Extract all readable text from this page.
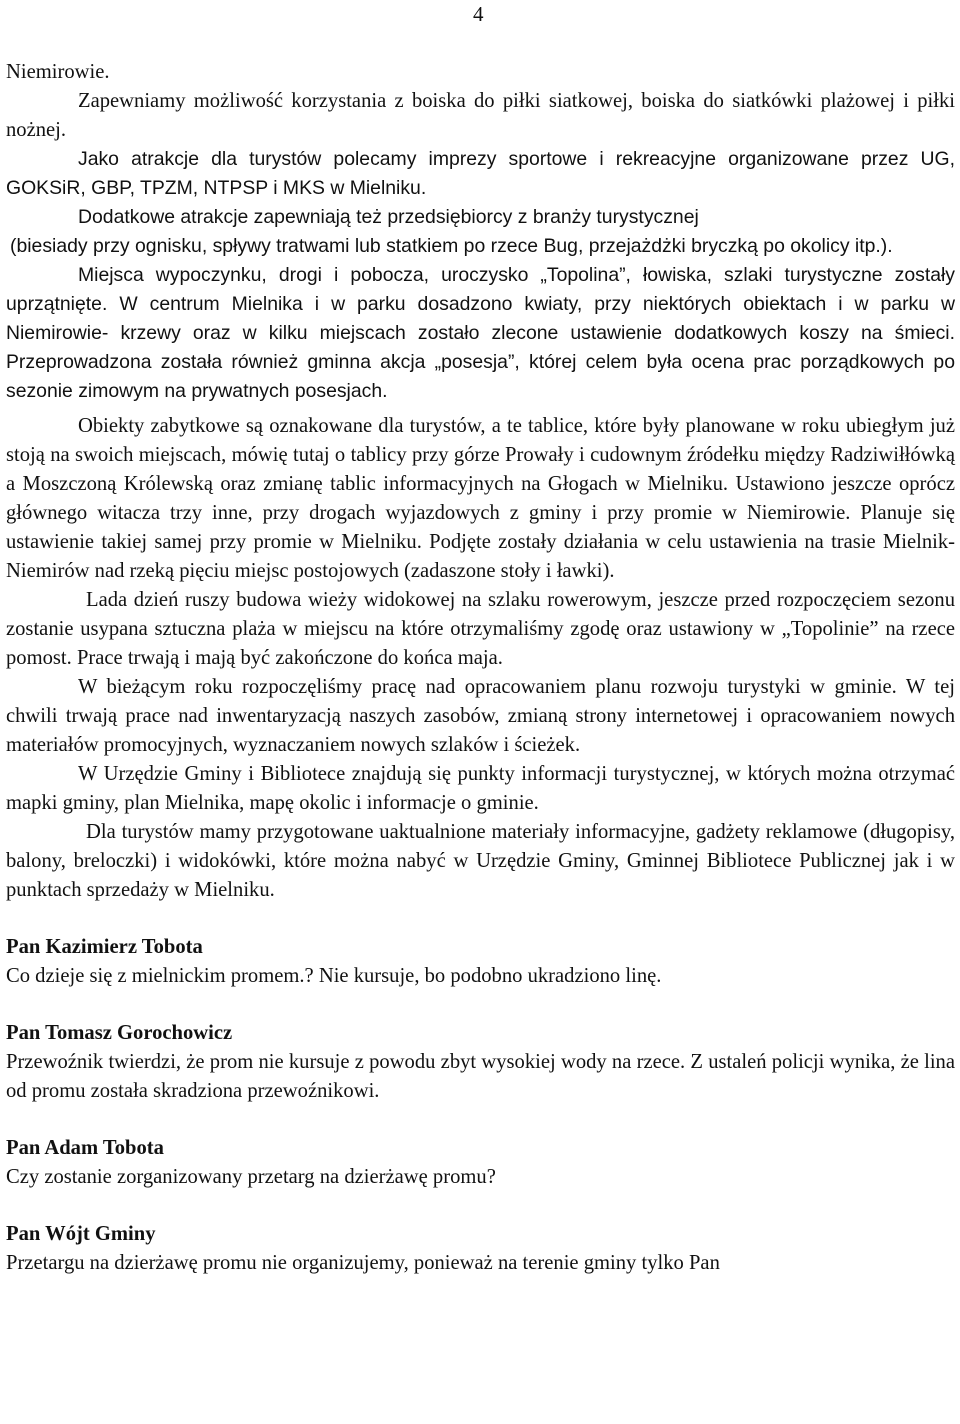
4

Niemirowie.

Zapewniamy możliwość korzystania z boiska do piłki siatkowej, boiska do siatkówki plażowej i piłki nożnej.

Jako atrakcje dla turystów polecamy imprezy sportowe i rekreacyjne organizowane przez UG, GOKSiR, GBP, TPZM, NTPSP i MKS w Mielniku.

Dodatkowe atrakcje zapewniają też przedsiębiorcy z branży turystycznej

(biesiady przy ognisku, spływy tratwami lub statkiem po rzece Bug, przejażdżki bryczką po okolicy itp.).

Miejsca wypoczynku, drogi i pobocza, uroczysko „Topolina”, łowiska, szlaki turystyczne zostały uprzątnięte. W centrum Mielnika i w parku dosadzono kwiaty, przy niektórych obiektach i w parku w Niemirowie- krzewy oraz w kilku miejscach zostało zlecone ustawienie dodatkowych koszy na śmieci. Przeprowadzona została również gminna akcja „posesja”, której celem była ocena prac porządkowych po sezonie zimowym na prywatnych posesjach.

Obiekty zabytkowe są oznakowane dla turystów, a te tablice, które były planowane w roku ubiegłym już stoją na swoich miejscach, mówię tutaj o tablicy przy górze Prowały i cudownym źródełku między Radziwiłłówką a Moszczoną Królewską oraz zmianę tablic informacyjnych na Głogach w Mielniku. Ustawiono jeszcze oprócz głównego witacza trzy inne, przy drogach wyjazdowych z gminy i przy promie w Niemirowie. Planuje się ustawienie takiej samej przy promie w Mielniku. Podjęte zostały działania w celu ustawienia na trasie Mielnik-Niemirów nad rzeką pięciu miejsc postojowych (zadaszone stoły i ławki).

Lada dzień ruszy budowa wieży widokowej na szlaku rowerowym, jeszcze przed rozpoczęciem sezonu zostanie usypana sztuczna plaża w miejscu na które otrzymaliśmy zgodę oraz ustawiony w „Topolinie” na rzece pomost. Prace trwają i mają być zakończone do końca maja.

W bieżącym roku rozpoczęliśmy pracę nad opracowaniem planu rozwoju turystyki w gminie. W tej chwili trwają prace nad inwentaryzacją naszych zasobów, zmianą strony internetowej i opracowaniem nowych materiałów promocyjnych, wyznaczaniem nowych szlaków i ścieżek.

W Urzędzie Gminy i Bibliotece znajdują się punkty informacji turystycznej, w których można otrzymać mapki gminy, plan Mielnika, mapę okolic i informacje o gminie.

Dla turystów mamy przygotowane uaktualnione materiały informacyjne, gadżety reklamowe (długopisy, balony, breloczki) i widokówki, które można nabyć w Urzędzie Gminy, Gminnej Bibliotece Publicznej jak i w punktach sprzedaży w Mielniku.

Pan Kazimierz Tobota

Co dzieje się z mielnickim promem.? Nie kursuje, bo podobno ukradziono linę.

Pan Tomasz Gorochowicz

Przewoźnik twierdzi, że prom nie kursuje z powodu zbyt wysokiej wody na rzece. Z ustaleń policji wynika, że lina od promu została skradziona przewoźnikowi.

Pan Adam Tobota

Czy zostanie zorganizowany przetarg na dzierżawę promu?

Pan Wójt Gminy

Przetargu na dzierżawę promu nie organizujemy, ponieważ na terenie gminy tylko Pan
